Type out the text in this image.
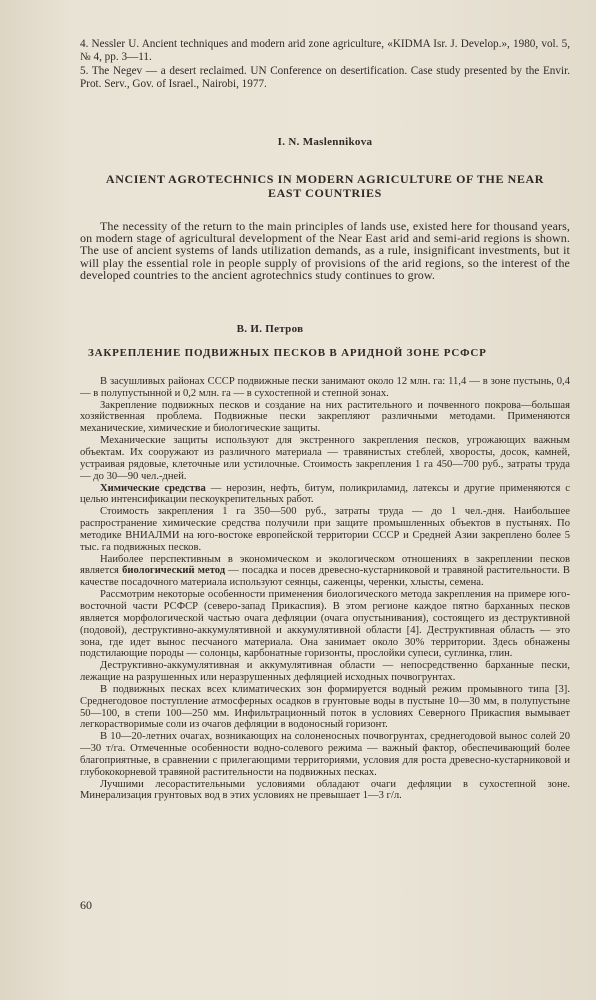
4. Nessler U. Ancient techniques and modern arid zone agriculture, «KIDMA Isr. J. Develop.», 1980, vol. 5, № 4, pp. 3—11.

5. The Negev — a desert reclaimed. UN Conference on desertification. Case study presented by the Envir. Prot. Serv., Gov. of Israel., Nairobi, 1977.

I. N. Maslennikova

ANCIENT AGROTECHNICS IN MODERN AGRICULTURE OF THE NEAR EAST COUNTRIES

The necessity of the return to the main principles of lands use, existed here for thousand years, on modern stage of agricultural development of the Near East arid and semi-arid regions is shown. The use of ancient systems of lands utilization demands, as a rule, insignificant investments, but it will play the essential role in people supply of provisions of the arid regions, so the interest of the developed countries to the ancient agrotechnics study continues to grow.

В. И. Петров

ЗАКРЕПЛЕНИЕ ПОДВИЖНЫХ ПЕСКОВ В АРИДНОЙ ЗОНЕ РСФСР

В засушливых районах СССР подвижные пески занимают около 12 млн. га: 11,4 — в зоне пустынь, 0,4 — в полупустынной и 0,2 млн. га — в сухостепной и степной зонах.

Закрепление подвижных песков и создание на них растительного и почвенного покрова—большая хозяйственная проблема. Подвижные пески закрепляют различными методами. Применяются механические, химические и биологические защиты.

Механические защиты используют для экстренного закрепления песков, угрожающих важным объектам. Их сооружают из различного материала — травянистых стеблей, хворосты, досок, камней, устраивая рядовые, клеточные или устилочные. Стоимость закрепления 1 га 450—700 руб., затраты труда — до 30—90 чел.-дней.

Химические средства — нерозин, нефть, битум, поликриламид, латексы и другие применяются с целью интенсификации пескоукрепительных работ.

Стоимость закрепления 1 га 350—500 руб., затраты труда — до 1 чел.-дня. Наибольшее распространение химические средства получили при защите промышленных объектов в пустынях. По методике ВНИАЛМИ на юго-востоке европейской территории СССР и Средней Азии закреплено более 5 тыс. га подвижных песков.

Наиболее перспективным в экономическом и экологическом отношениях в закреплении песков является биологический метод — посадка и посев древесно-кустарниковой и травяной растительности. В качестве посадочного материала используют сеянцы, саженцы, черенки, хлысты, семена.

Рассмотрим некоторые особенности применения биологического метода закрепления на примере юго-восточной части РСФСР (северо-запад Прикаспия). В этом регионе каждое пятно барханных песков является морфологической частью очага дефляции (очага опустынивания), состоящего из деструктивной (подовой), деструктивно-аккумулятивной и аккумулятивной области [4]. Деструктивная область — это зона, где идет вынос песчаного материала. Она занимает около 30% территории. Здесь обнажены подстилающие породы — солонцы, карбонатные горизонты, прослойки супеси, суглинка, глин.

Деструктивно-аккумулятивная и аккумулятивная области — непосредственно барханные пески, лежащие на разрушенных или неразрушенных дефляцией исходных почвогрунтах.

В подвижных песках всех климатических зон формируется водный режим промывного типа [3]. Среднегодовое поступление атмосферных осадков в грунтовые воды в пустыне 10—30 мм, в полупустыне 50—100, в степи 100—250 мм. Инфильтрационный поток в условиях Северного Прикаспия вымывает легкорастворимые соли из очагов дефляции в водоносный горизонт.

В 10—20-летних очагах, возникающих на солоненосных почвогрунтах, среднегодовой вынос солей 20—30 т/га. Отмеченные особенности водно-солевого режима — важный фактор, обеспечивающий более благоприятные, в сравнении с прилегающими территориями, условия для роста древесно-кустарниковой и глубококорневой травяной растительности на подвижных песках.

Лучшими лесорастительными условиями обладают очаги дефляции в сухостепной зоне. Минерализация грунтовых вод в этих условиях не превышает 1—3 г/л.

60
